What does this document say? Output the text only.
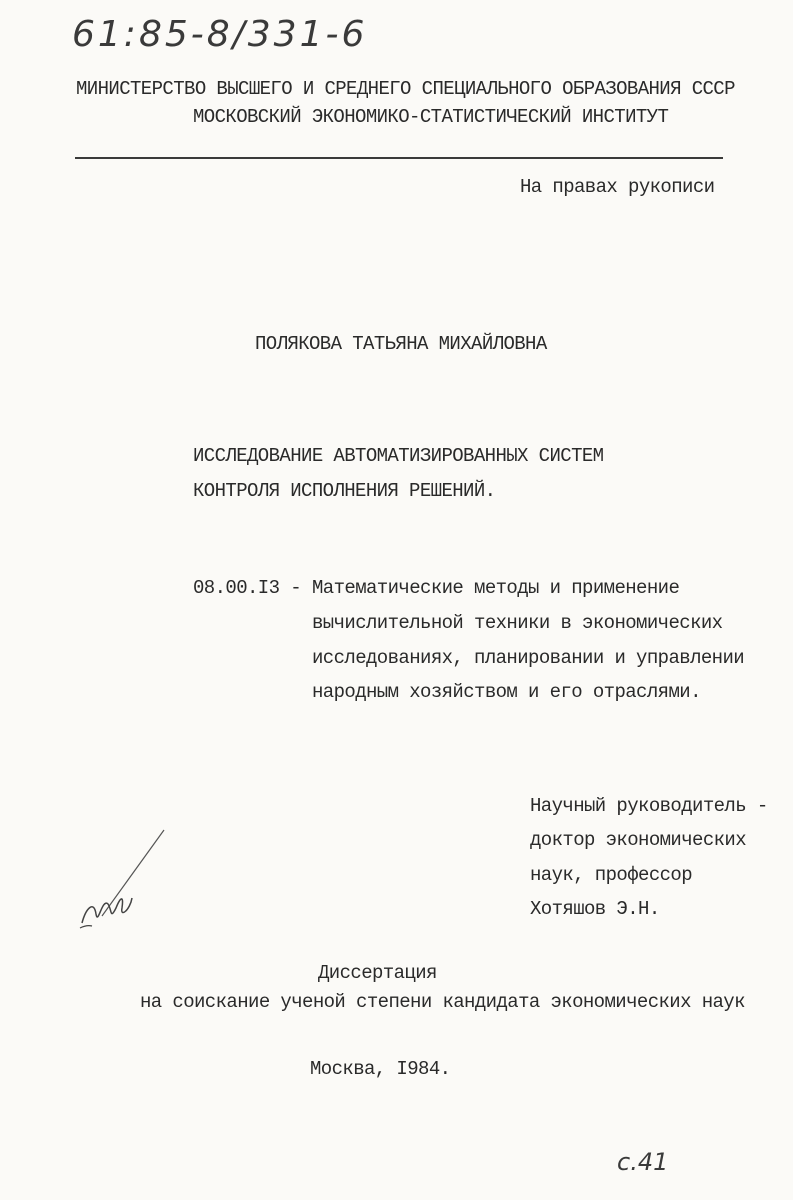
61:85-8/331-6
МИНИСТЕРСТВО ВЫСШЕГО И СРЕДНЕГО СПЕЦИАЛЬНОГО ОБРАЗОВАНИЯ СССР
МОСКОВСКИЙ ЭКОНОМИКО-СТАТИСТИЧЕСКИЙ ИНСТИТУТ
На правах рукописи
ПОЛЯКОВА ТАТЬЯНА МИХАЙЛОВНА
ИССЛЕДОВАНИЕ АВТОМАТИЗИРОВАННЫХ СИСТЕМ
КОНТРОЛЯ ИСПОЛНЕНИЯ РЕШЕНИЙ.
08.00.I3 - Математические методы и применение
вычислительной техники в экономических
исследованиях, планировании и управлении
народным хозяйством и его отраслями.
Научный руководитель -
доктор экономических
наук, профессор
Хотяшов Э.Н.
Диссертация
на соискание ученой степени кандидата экономических наук
Москва, I984.
с.41
